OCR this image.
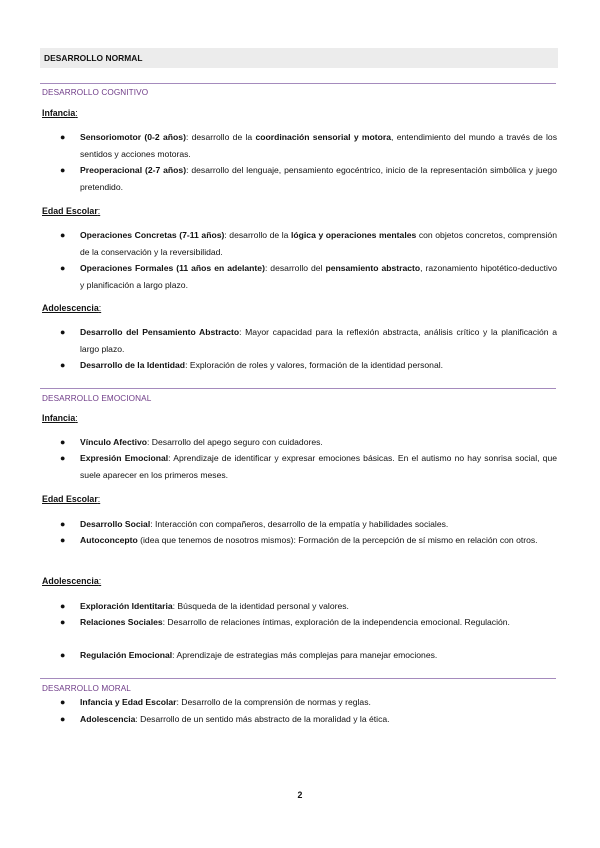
DESARROLLO NORMAL
DESARROLLO COGNITIVO
Infancia:
● Sensoriomotor (0-2 años): desarrollo de la coordinación sensorial y motora, entendimiento del mundo a través de los sentidos y acciones motoras.
● Preoperacional (2-7 años): desarrollo del lenguaje, pensamiento egocéntrico, inicio de la representación simbólica y juego pretendido.
Edad Escolar:
● Operaciones Concretas (7-11 años): desarrollo de la lógica y operaciones mentales con objetos concretos, comprensión de la conservación y la reversibilidad.
● Operaciones Formales (11 años en adelante): desarrollo del pensamiento abstracto, razonamiento hipotético-deductivo y planificación a largo plazo.
Adolescencia:
● Desarrollo del Pensamiento Abstracto: Mayor capacidad para la reflexión abstracta, análisis crítico y la planificación a largo plazo.
● Desarrollo de la Identidad: Exploración de roles y valores, formación de la identidad personal.
DESARROLLO EMOCIONAL
Infancia:
● Vínculo Afectivo: Desarrollo del apego seguro con cuidadores.
● Expresión Emocional: Aprendizaje de identificar y expresar emociones básicas. En el autismo no hay sonrisa social, que suele aparecer en los primeros meses.
Edad Escolar:
● Desarrollo Social: Interacción con compañeros, desarrollo de la empatía y habilidades sociales.
● Autoconcepto (idea que tenemos de nosotros mismos): Formación de la percepción de sí mismo en relación con otros.
Adolescencia:
● Exploración Identitaria: Búsqueda de la identidad personal y valores.
● Relaciones Sociales: Desarrollo de relaciones íntimas, exploración de la independencia emocional. Regulación.
● Regulación Emocional: Aprendizaje de estrategias más complejas para manejar emociones.
DESARROLLO MORAL
● Infancia y Edad Escolar: Desarrollo de la comprensión de normas y reglas.
● Adolescencia: Desarrollo de un sentido más abstracto de la moralidad y la ética.
2
